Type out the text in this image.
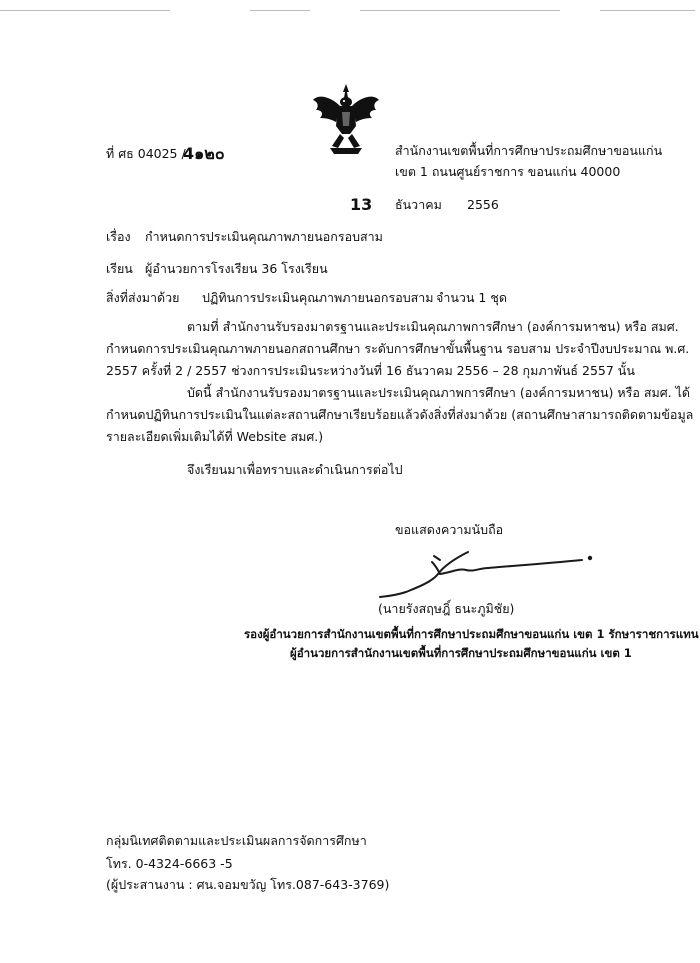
ที่ ศธ 04025 /
4๑๒๐	สำนักงานเขตพื้นที่การศึกษาประถมศึกษาขอนแก่น
เขต 1 ถนนศูนย์ราชการ ขอนแก่น 40000
13 ธันวาคม 2556
เรื่อง กำหนดการประเมินคุณภาพภายนอกรอบสาม
เรียน ผู้อำนวยการโรงเรียน 36 โรงเรียน
สิ่งที่ส่งมาด้วย ปฏิทินการประเมินคุณภาพภายนอกรอบสาม จำนวน 1 ชุด
ตามที่ สำนักงานรับรองมาตรฐานและประเมินคุณภาพการศึกษา (องค์การมหาชน) หรือ สมศ.
กำหนดการประเมินคุณภาพภายนอกสถานศึกษา ระดับการศึกษาขั้นพื้นฐาน รอบสาม ประจำปีงบประมาณ พ.ศ.
2557 ครั้งที่ 2 / 2557 ช่วงการประเมินระหว่างวันที่ 16 ธันวาคม 2556 – 28 กุมภาพันธ์ 2557 นั้น
บัดนี้ สำนักงานรับรองมาตรฐานและประเมินคุณภาพการศึกษา (องค์การมหาชน) หรือ สมศ. ได้
กำหนดปฏิทินการประเมินในแต่ละสถานศึกษาเรียบร้อยแล้วดังสิ่งที่ส่งมาด้วย (สถานศึกษาสามารถติดตามข้อมูล
รายละเอียดเพิ่มเติมได้ที่ Website สมศ.)
จึงเรียนมาเพื่อทราบและดำเนินการต่อไป
ขอแสดงความนับถือ
(นายรังสฤษฎิ์ ธนะภูมิชัย)
รองผู้อำนวยการสำนักงานเขตพื้นที่การศึกษาประถมศึกษาขอนแก่น เขต 1 รักษาราชการแทน
ผู้อำนวยการสำนักงานเขตพื้นที่การศึกษาประถมศึกษาขอนแก่น เขต 1
กลุ่มนิเทศติดตามและประเมินผลการจัดการศึกษา
โทร. 0-4324-6663 -5
(ผู้ประสานงาน : ศน.จอมขวัญ โทร.087-643-3769)
